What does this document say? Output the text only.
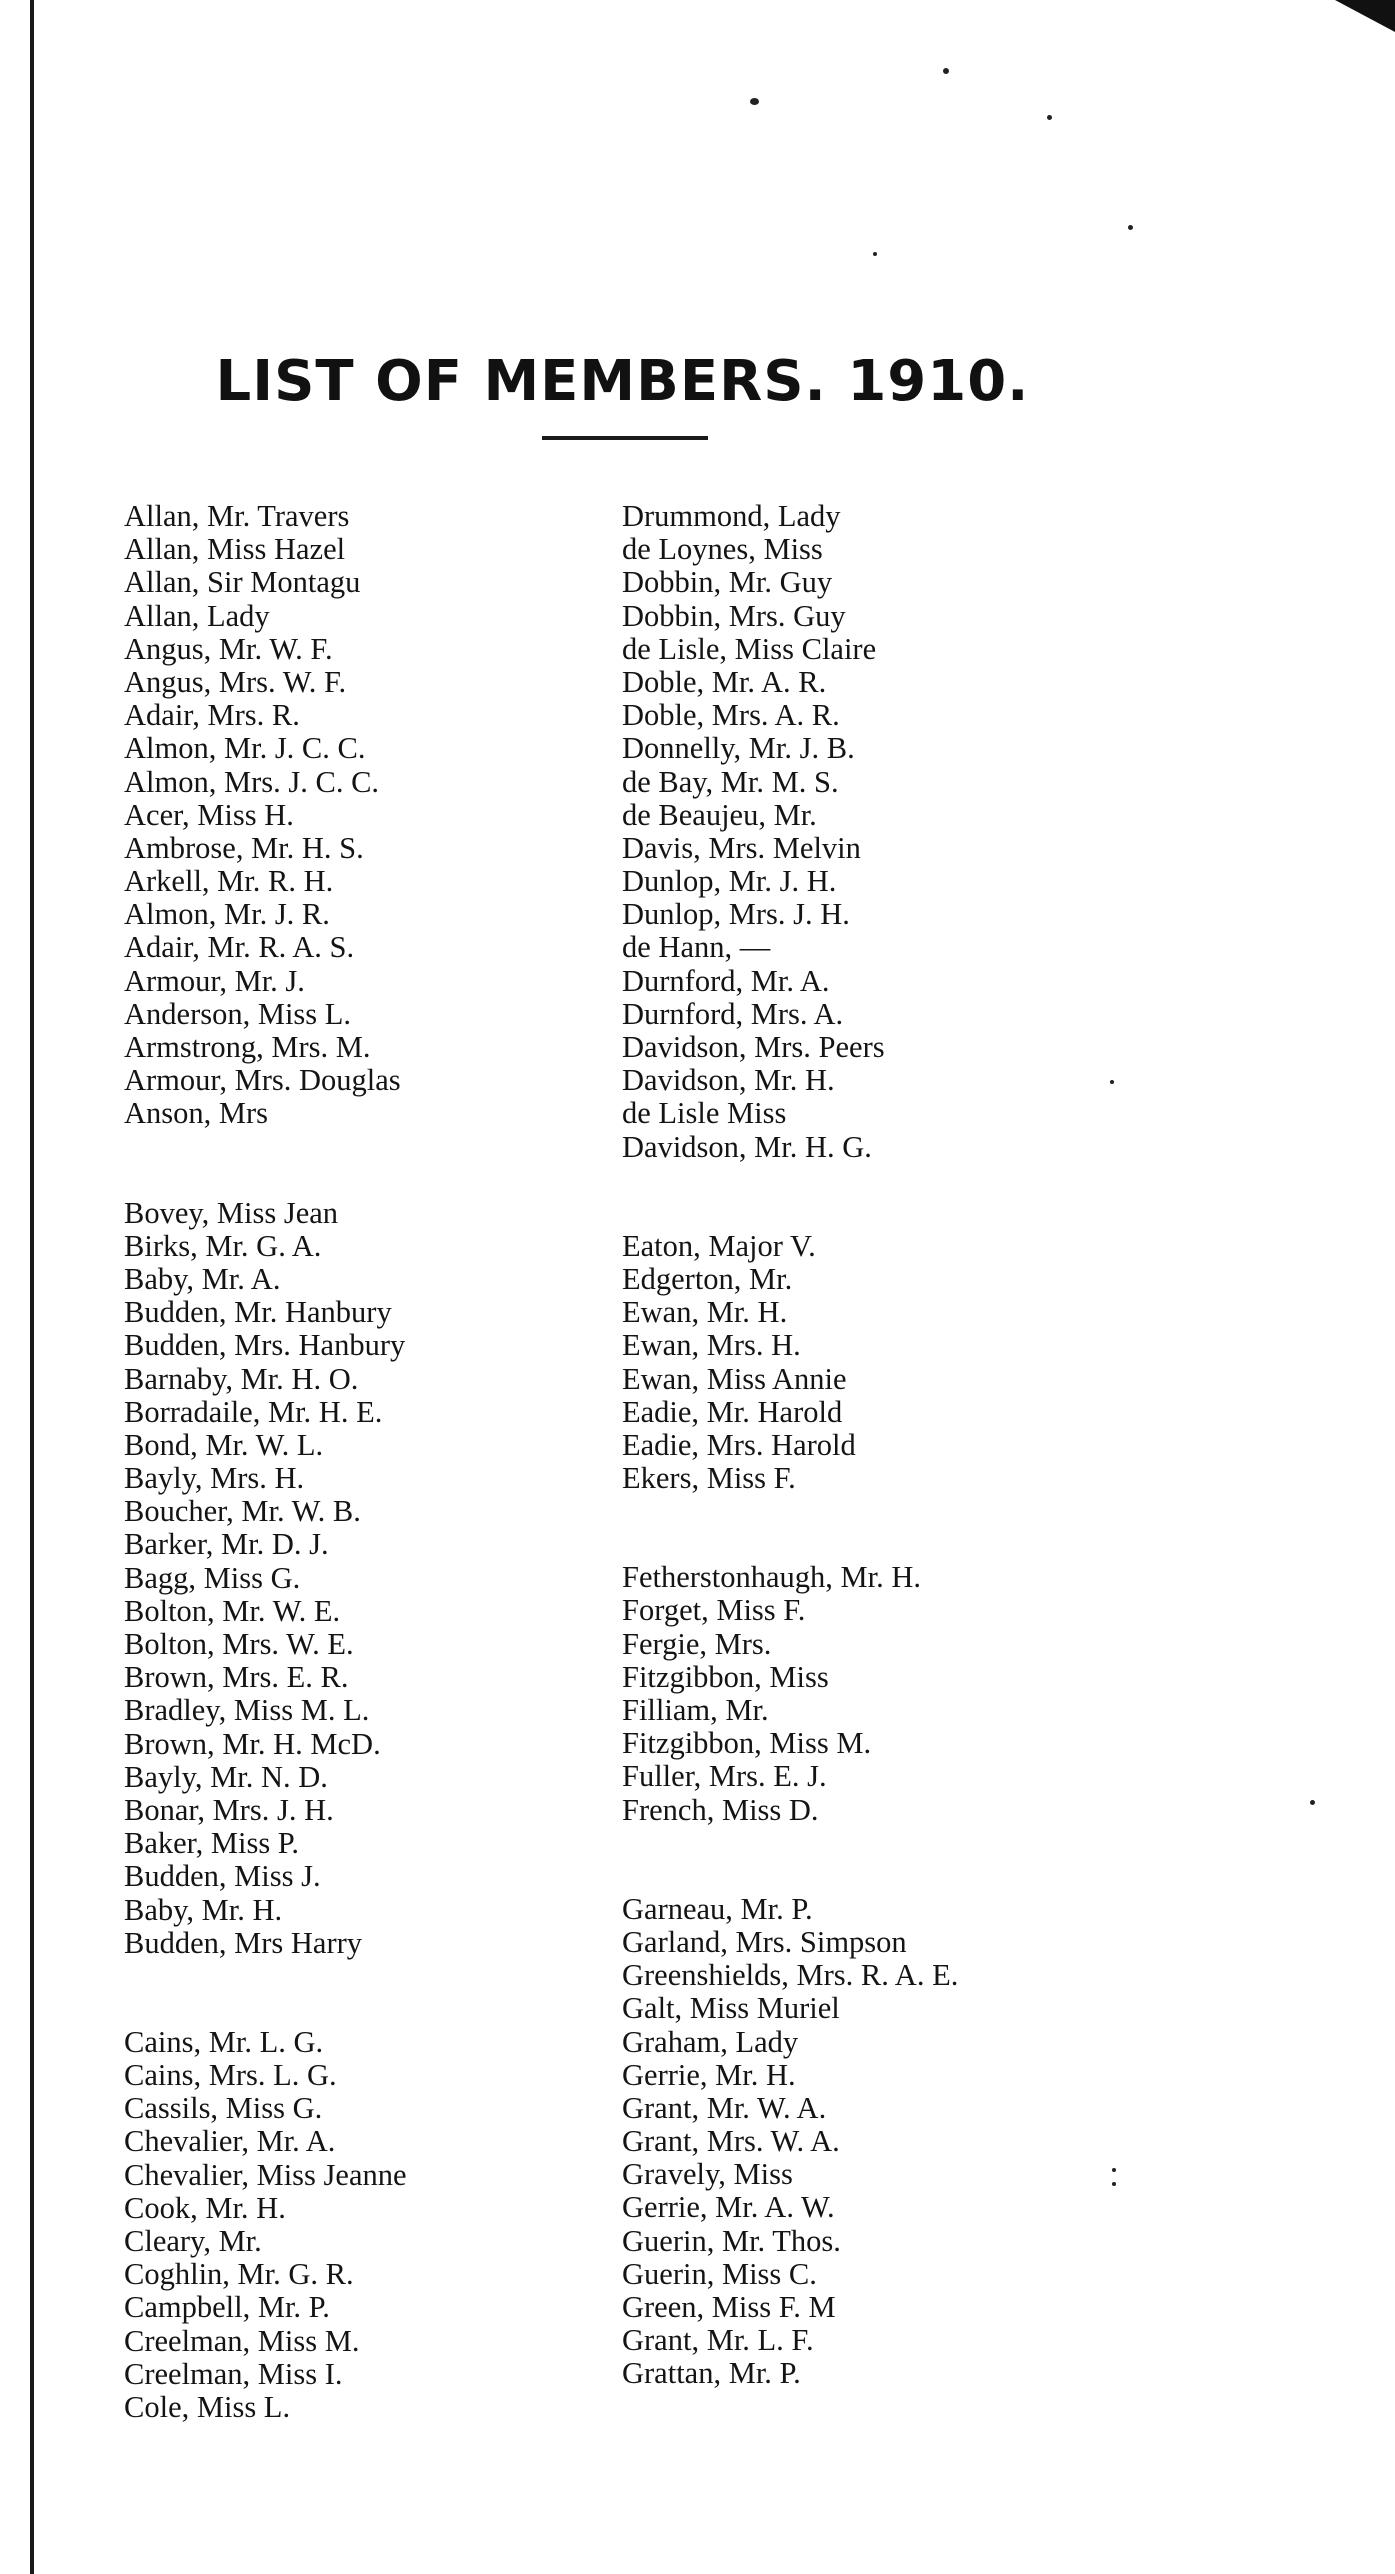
LIST OF MEMBERS. 1910.
Allan, Mr. Travers
Allan, Miss Hazel
Allan, Sir Montagu
Allan, Lady
Angus, Mr. W. F.
Angus, Mrs. W. F.
Adair, Mrs. R.
Almon, Mr. J. C. C.
Almon, Mrs. J. C. C.
Acer, Miss H.
Ambrose, Mr. H. S.
Arkell, Mr. R. H.
Almon, Mr. J. R.
Adair, Mr. R. A. S.
Armour, Mr. J.
Anderson, Miss L.
Armstrong, Mrs. M.
Armour, Mrs. Douglas
Anson, Mrs
Bovey, Miss Jean
Birks, Mr. G. A.
Baby, Mr. A.
Budden, Mr. Hanbury
Budden, Mrs. Hanbury
Barnaby, Mr. H. O.
Borradaile, Mr. H. E.
Bond, Mr. W. L.
Bayly, Mrs. H.
Boucher, Mr. W. B.
Barker, Mr. D. J.
Bagg, Miss G.
Bolton, Mr. W. E.
Bolton, Mrs. W. E.
Brown, Mrs. E. R.
Bradley, Miss M. L.
Brown, Mr. H. McD.
Bayly, Mr. N. D.
Bonar, Mrs. J. H.
Baker, Miss P.
Budden, Miss J.
Baby, Mr. H.
Budden, Mrs Harry
Cains, Mr. L. G.
Cains, Mrs. L. G.
Cassils, Miss G.
Chevalier, Mr. A.
Chevalier, Miss Jeanne
Cook, Mr. H.
Cleary, Mr.
Coghlin, Mr. G. R.
Campbell, Mr. P.
Creelman, Miss M.
Creelman, Miss I.
Cole, Miss L.
Drummond, Lady
de Loynes, Miss
Dobbin, Mr. Guy
Dobbin, Mrs. Guy
de Lisle, Miss Claire
Doble, Mr. A. R.
Doble, Mrs. A. R.
Donnelly, Mr. J. B.
de Bay, Mr. M. S.
de Beaujeu, Mr.
Davis, Mrs. Melvin
Dunlop, Mr. J. H.
Dunlop, Mrs. J. H.
de Hann, —
Durnford, Mr. A.
Durnford, Mrs. A.
Davidson, Mrs. Peers
Davidson, Mr. H.
de Lisle Miss
Davidson, Mr. H. G.
Eaton, Major V.
Edgerton, Mr.
Ewan, Mr. H.
Ewan, Mrs. H.
Ewan, Miss Annie
Eadie, Mr. Harold
Eadie, Mrs. Harold
Ekers, Miss F.
Fetherstonhaugh, Mr. H.
Forget, Miss F.
Fergie, Mrs.
Fitzgibbon, Miss
Filliam, Mr.
Fitzgibbon, Miss M.
Fuller, Mrs. E. J.
French, Miss D.
Garneau, Mr. P.
Garland, Mrs. Simpson
Greenshields, Mrs. R. A. E.
Galt, Miss Muriel
Graham, Lady
Gerrie, Mr. H.
Grant, Mr. W. A.
Grant, Mrs. W. A.
Gravely, Miss
Gerrie, Mr. A. W.
Guerin, Mr. Thos.
Guerin, Miss C.
Green, Miss F. M
Grant, Mr. L. F.
Grattan, Mr. P.
